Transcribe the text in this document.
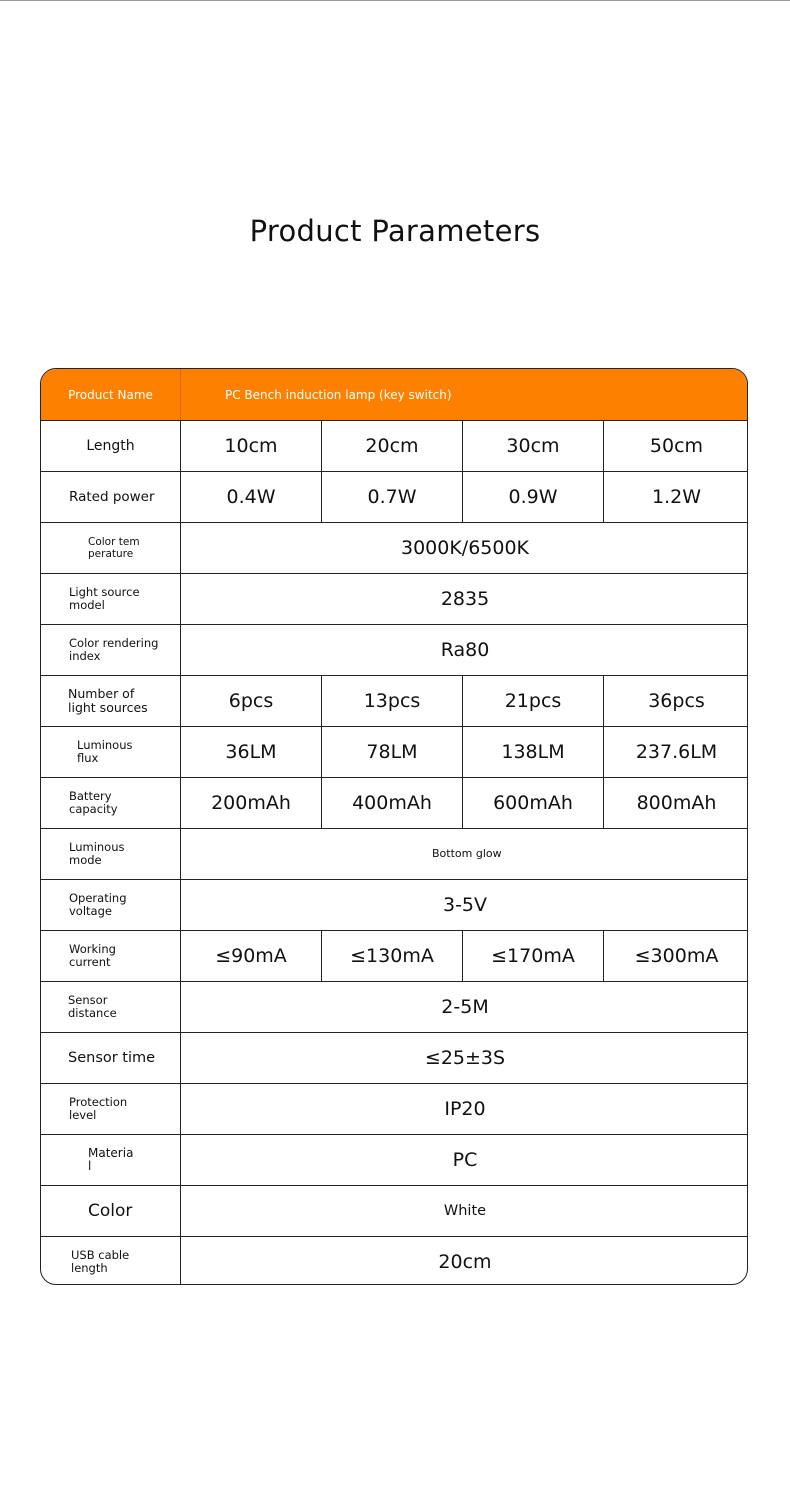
Product Parameters
Product Name	PC Bench induction lamp (key switch)
Length	10cm	20cm	30cm	50cm
Rated power	0.4W	0.7W	0.9W	1.2W
Color tem
perature	3000K/6500K
Light source
model	2835
Color rendering
index	Ra80
Number of
light sources	6pcs	13pcs	21pcs	36pcs
Luminous
flux	36LM	78LM	138LM	237.6LM
Battery
capacity	200mAh	400mAh	600mAh	800mAh
Luminous
mode	Bottom glow
Operating
voltage	3-5V
Working
current	≤90mA	≤130mA	≤170mA	≤300mA
Sensor
distance	2-5M
Sensor time	≤25±3S
Protection
level	IP20
Materia
l	PC
Color	White
USB cable
length	20cm
